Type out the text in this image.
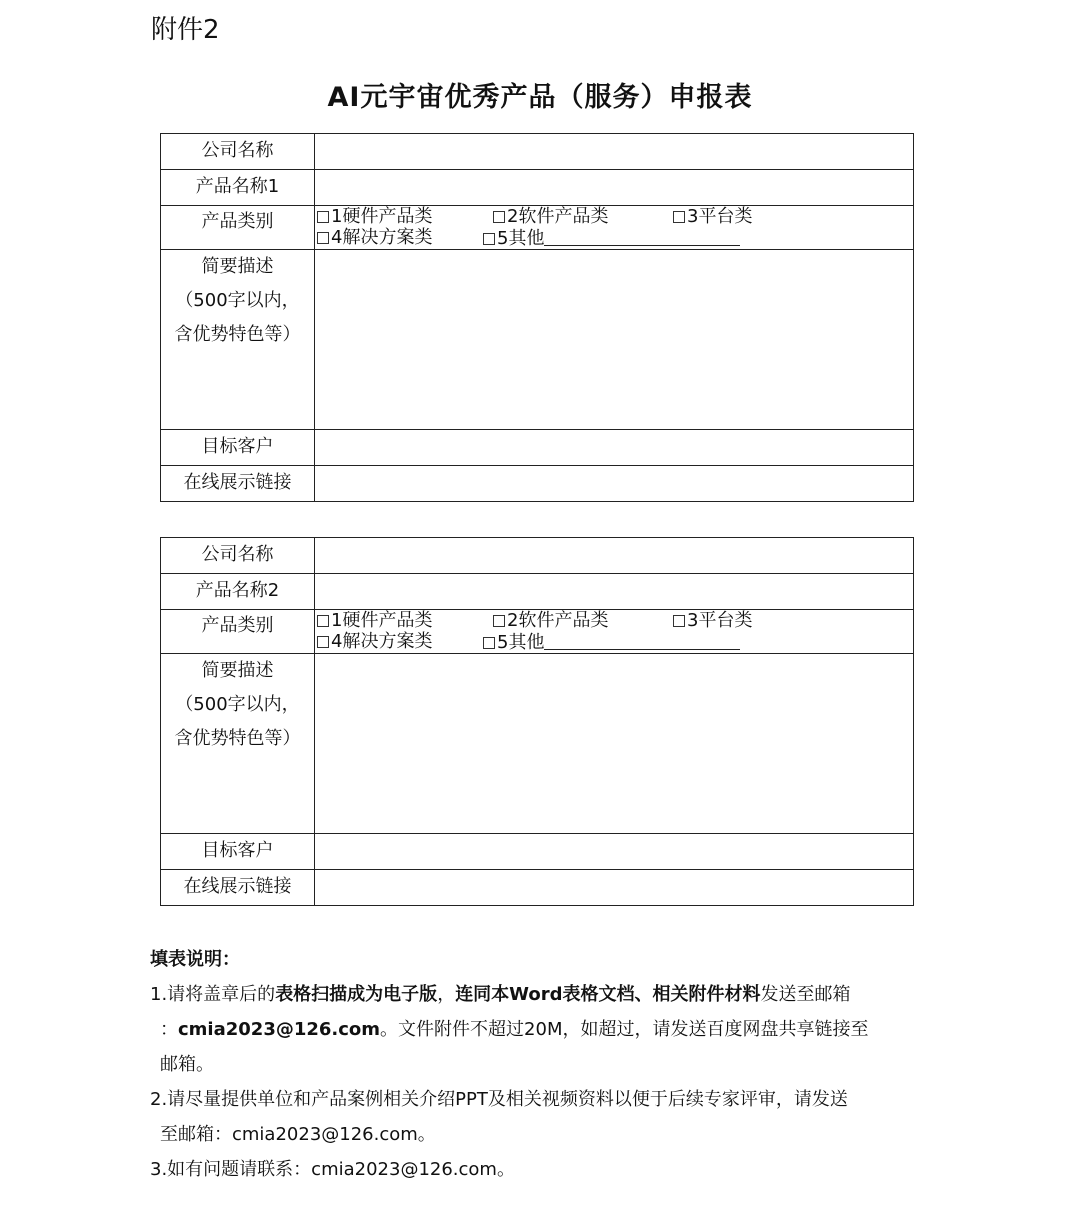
附件2
AI元宇宙优秀产品（服务）申报表
公司名称	
产品名称1	
产品类别	1硬件产品类 2软件产品类 3平台类
4解决方案类 5其他

简要描述
（500字以内，
含优势特色等）	

目标客户	
在线展示链接	
公司名称	
产品名称2	
产品类别	1硬件产品类 2软件产品类 3平台类
4解决方案类 5其他

简要描述
（500字以内，
含优势特色等）	

目标客户	
在线展示链接	

填表说明：

1.请将盖章后的表格扫描成为电子版，连同本Word表格文档、相关附件材料发送至邮箱

：cmia2023@126.com。文件附件不超过20M，如超过，请发送百度网盘共享链接至

邮箱。

2.请尽量提供单位和产品案例相关介绍PPT及相关视频资料以便于后续专家评审，请发送

至邮箱：cmia2023@126.com。

3.如有问题请联系：cmia2023@126.com。
